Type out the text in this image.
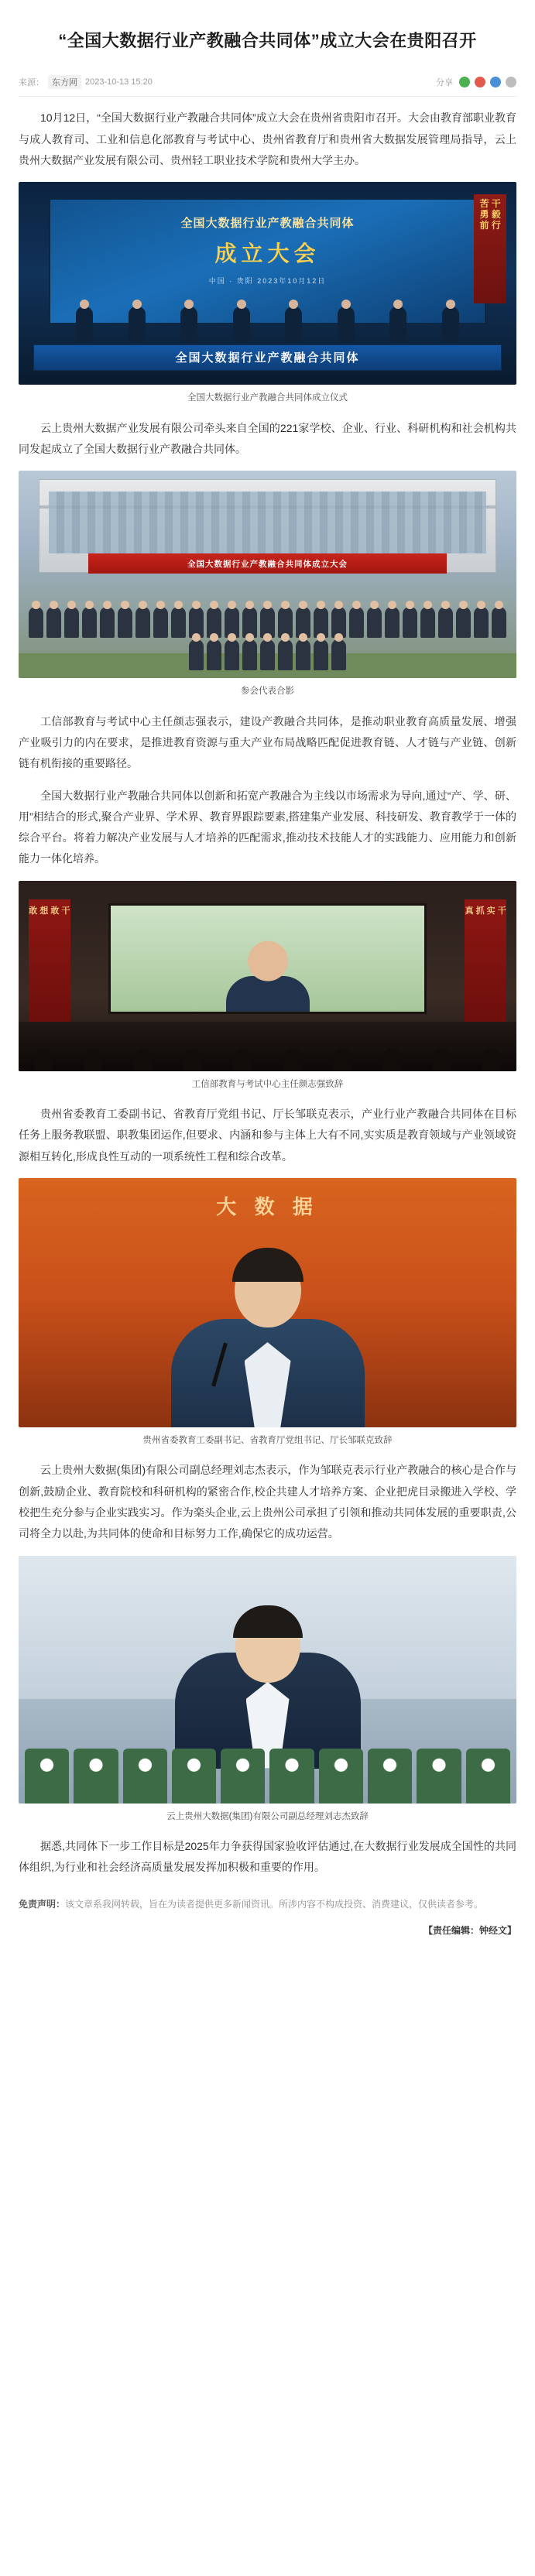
“全国大数据行业产教融合共同体”成立大会在贵阳召开
来源： 东方网 2023-10-13 15:20	分享

10月12日，“全国大数据行业产教融合共同体”成立大会在贵州省贵阳市召开。大会由教育部职业教育与成人教育司、工业和信息化部教育与考试中心、贵州省教育厅和贵州省大数据发展管理局指导，云上贵州大数据产业发展有限公司、贵州轻工职业技术学院和贵州大学主办。

全国大数据行业产教融合共同体
成立大会
中国 · 贵阳 2023年10月12日
苦 干 勇 毅 前 行
全国大数据行业产教融合共同体
全国大数据行业产教融合共同体成立仪式

云上贵州大数据产业发展有限公司牵头来自全国的221家学校、企业、行业、科研机构和社会机构共同发起成立了全国大数据行业产教融合共同体。

全国大数据行业产教融合共同体成立大会
参会代表合影

工信部教育与考试中心主任颜志强表示，建设产教融合共同体，是推动职业教育高质量发展、增强产业吸引力的内在要求，是推进教育资源与重大产业布局战略匹配促进教育链、人才链与产业链、创新链有机衔接的重要路径。

全国大数据行业产教融合共同体以创新和拓宽产教融合为主线以市场需求为导向,通过“产、学、研、用”相结合的形式,聚合产业界、学术界、教育界跟踪要素,搭建集产业发展、科技研发、教育教学于一体的综合平台。将着力解决产业发展与人才培养的匹配需求,推动技术技能人才的实践能力、应用能力和创新能力一体化培养。

敢 想 敢 干	真 抓 实 干
工信部教育与考试中心主任颜志强致辞

贵州省委教育工委副书记、省教育厅党组书记、厅长邹联克表示，产业行业产教融合共同体在目标任务上服务教联盟、职教集团运作,但要求、内涵和参与主体上大有不同,实实质是教育领域与产业领域资源相互转化,形成良性互动的一项系统性工程和综合改革。

大 数 据
贵州省委教育工委副书记、省教育厅党组书记、厅长邹联克致辞

云上贵州大数据(集团)有限公司副总经理刘志杰表示，作为邹联克表示行业产教融合的核心是合作与创新,鼓励企业、教育院校和科研机构的紧密合作,校企共建人才培养方案、企业把虎目录搬进入学校、学校把生充分参与企业实践实习。作为楽头企业,云上贵州公司承担了引领和推动共同体发展的重要职责,公司将全力以赴,为共同体的使命和目标努力工作,确保它的成功运营。

云上贵州大数据(集团)有限公司副总经理刘志杰致辞

据悉,共同体下一步工作目标是2025年力争获得国家验收评估通过,在大数据行业发展成全国性的共同体组织,为行业和社会经济高质量发展发挥加积极和重要的作用。

免责声明：该文章系我网转载，旨在为读者提供更多新闻资讯。所涉内容不构成投资、消费建议，仅供读者参考。
【责任编辑：钟经文】
